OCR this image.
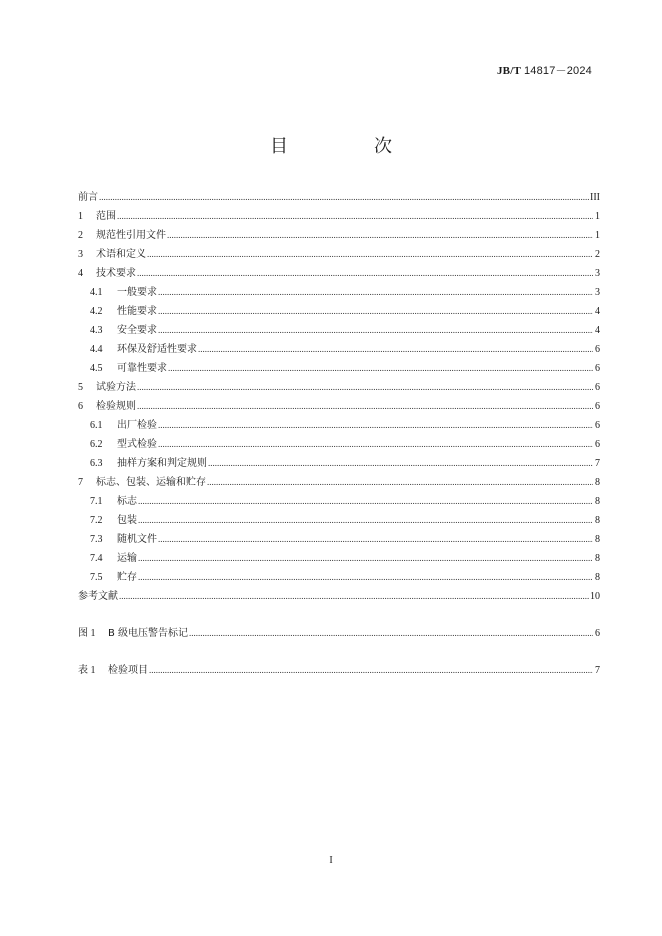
JB/T 14817－2024
目　次
前言 .....	III
1	范围 .....	1
2	规范性引用文件 .....	1
3	术语和定义 .....	2
4	技术要求 .....	3
4.1	一般要求 .....	3
4.2	性能要求 .....	4
4.3	安全要求 .....	4
4.4	环保及舒适性要求 .....	6
4.5	可靠性要求 .....	6
5	试验方法 .....	6
6	检验规则 .....	6
6.1	出厂检验 .....	6
6.2	型式检验 .....	6
6.3	抽样方案和判定规则 .....	7
7	标志、包装、运输和贮存 .....	8
7.1	标志 .....	8
7.2	包装 .....	8
7.3	随机文件 .....	8
7.4	运输 .....	8
7.5	贮存 .....	8
参考文献 .....	10
图 1	B 级电压警告标记 .....	6
表 1	检验项目 .....	7
I
